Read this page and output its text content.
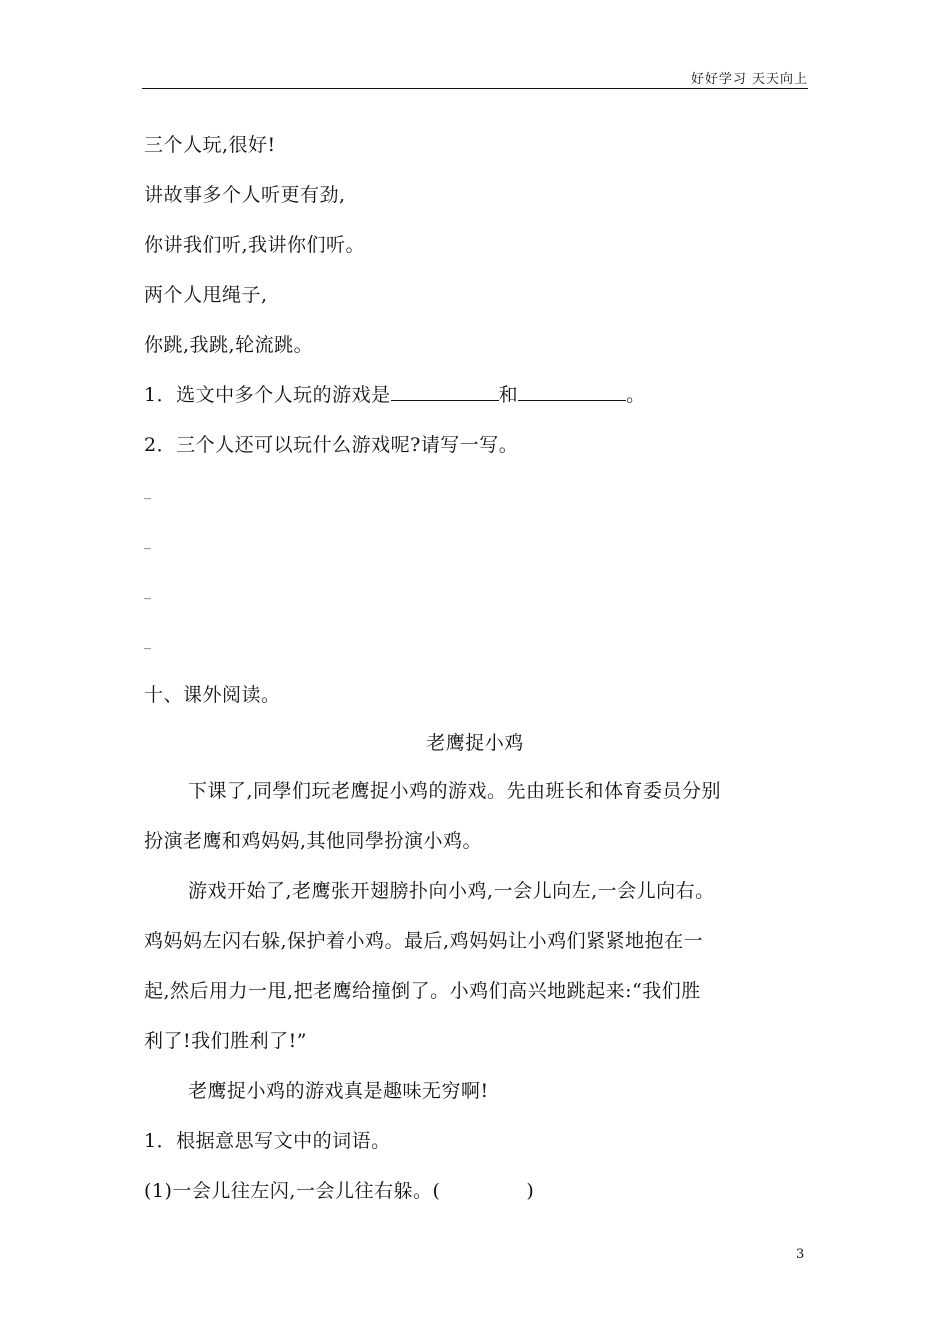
好好学习 天天向上
三个人玩,很好!
讲故事多个人听更有劲,
你讲我们听,我讲你们听。
两个人甩绳子,
你跳,我跳,轮流跳。
1．选文中多个人玩的游戏是	和	。
2．三个人还可以玩什么游戏呢?请写一写。
_
_
_
_
十、课外阅读。
老鹰捉小鸡
下课了,同學们玩老鹰捉小鸡的游戏。先由班长和体育委员分别
扮演老鹰和鸡妈妈,其他同學扮演小鸡。
游戏开始了,老鹰张开翅膀扑向小鸡,一会儿向左,一会儿向右。
鸡妈妈左闪右躲,保护着小鸡。最后,鸡妈妈让小鸡们紧紧地抱在一
起,然后用力一甩,把老鹰给撞倒了。小鸡们高兴地跳起来:“我们胜
利了!我们胜利了!”
老鹰捉小鸡的游戏真是趣味无穷啊!
1．根据意思写文中的词语。
(1)一会儿往左闪,一会儿往右躲。(	)
3
